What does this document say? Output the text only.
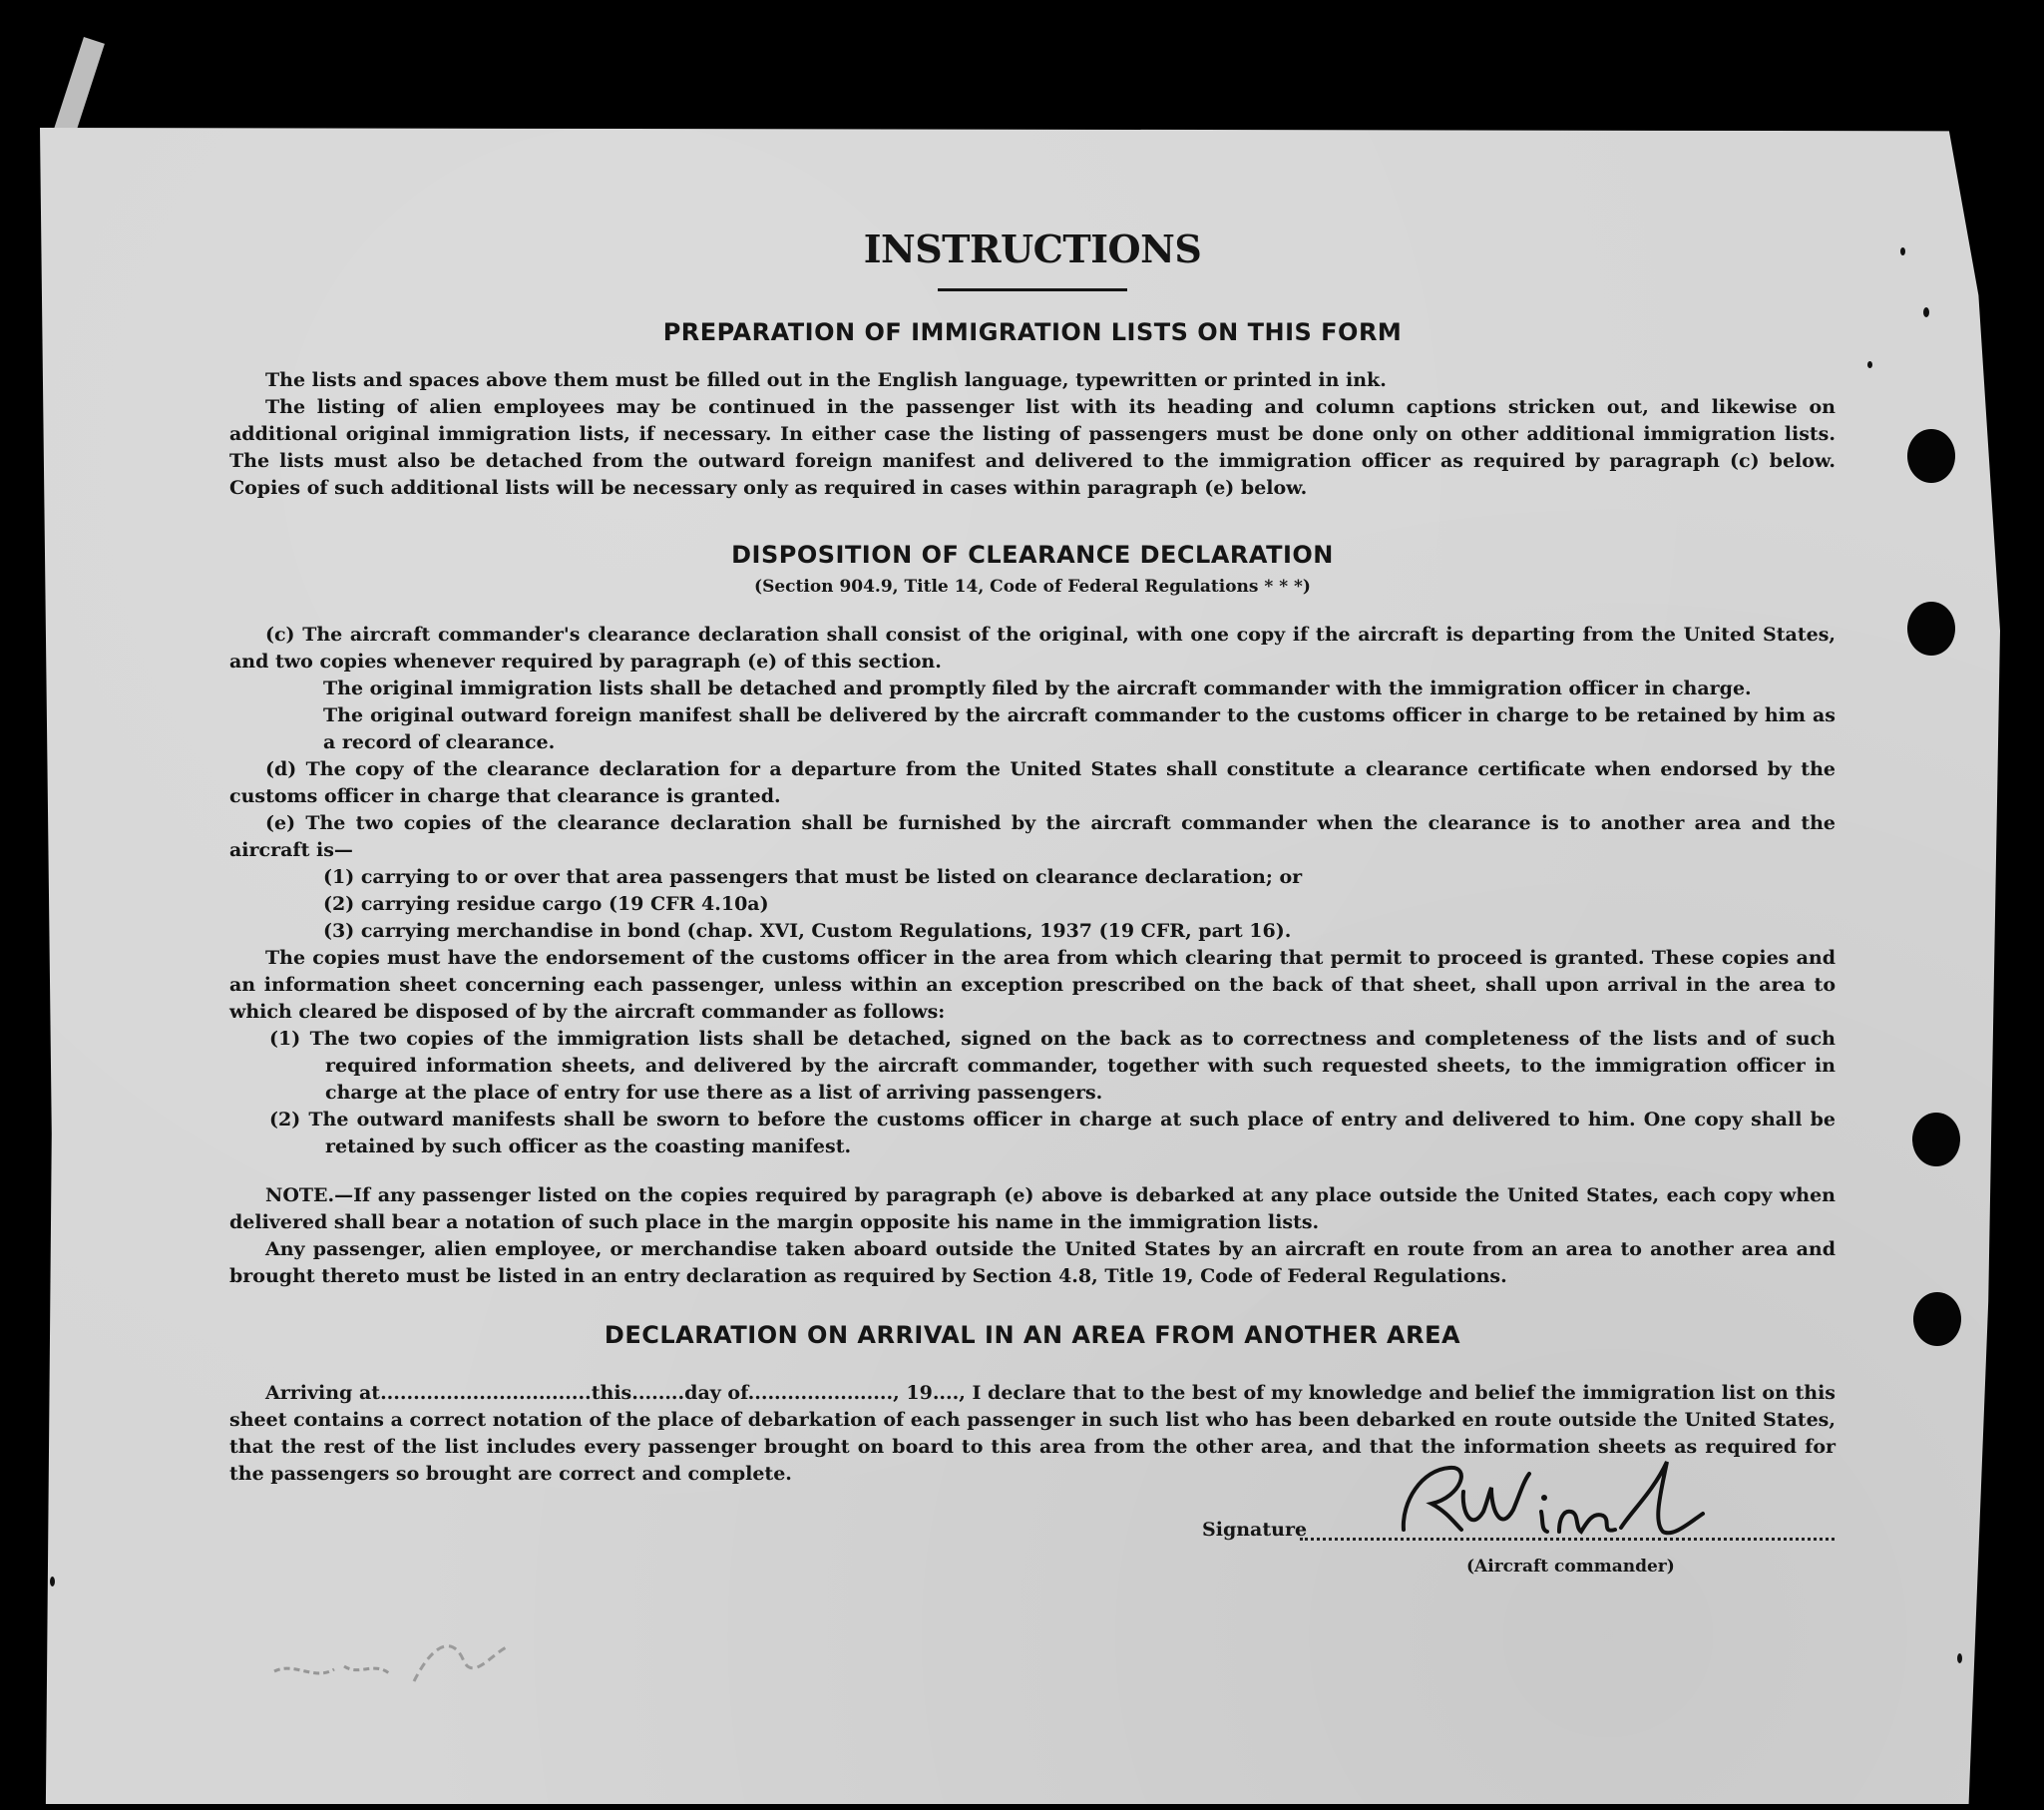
INSTRUCTIONS
PREPARATION OF IMMIGRATION LISTS ON THIS FORM

The lists and spaces above them must be filled out in the English language, typewritten or printed in ink.

The listing of alien employees may be continued in the passenger list with its heading and column captions stricken out, and likewise on additional original immigration lists, if necessary. In either case the listing of passengers must be done only on other additional immigration lists. The lists must also be detached from the outward foreign manifest and delivered to the immigration officer as required by paragraph (c) below. Copies of such additional lists will be necessary only as required in cases within paragraph (e) below.

DISPOSITION OF CLEARANCE DECLARATION
(Section 904.9, Title 14, Code of Federal Regulations * * *)

(c) The aircraft commander's clearance declaration shall consist of the original, with one copy if the aircraft is departing from the United States, and two copies whenever required by paragraph (e) of this section.

The original immigration lists shall be detached and promptly filed by the aircraft commander with the immigration officer in charge.

The original outward foreign manifest shall be delivered by the aircraft commander to the customs officer in charge to be retained by him as a record of clearance.

(d) The copy of the clearance declaration for a departure from the United States shall constitute a clearance certificate when endorsed by the customs officer in charge that clearance is granted.

(e) The two copies of the clearance declaration shall be furnished by the aircraft commander when the clearance is to another area and the aircraft is—

(1) carrying to or over that area passengers that must be listed on clearance declaration; or

(2) carrying residue cargo (19 CFR 4.10a)

(3) carrying merchandise in bond (chap. XVI, Custom Regulations, 1937 (19 CFR, part 16).

The copies must have the endorsement of the customs officer in the area from which clearing that permit to proceed is granted. These copies and an information sheet concerning each passenger, unless within an exception prescribed on the back of that sheet, shall upon arrival in the area to which cleared be disposed of by the aircraft commander as follows:

(1) The two copies of the immigration lists shall be detached, signed on the back as to correctness and completeness of the lists and of such required information sheets, and delivered by the aircraft commander, together with such requested sheets, to the immigration officer in charge at the place of entry for use there as a list of arriving passengers.

(2) The outward manifests shall be sworn to before the customs officer in charge at such place of entry and delivered to him. One copy shall be retained by such officer as the coasting manifest.

NOTE.—If any passenger listed on the copies required by paragraph (e) above is debarked at any place outside the United States, each copy when delivered shall bear a notation of such place in the margin opposite his name in the immigration lists.

Any passenger, alien employee, or merchandise taken aboard outside the United States by an aircraft en route from an area to another area and brought thereto must be listed in an entry declaration as required by Section 4.8, Title 19, Code of Federal Regulations.

DECLARATION ON ARRIVAL IN AN AREA FROM ANOTHER AREA

Arriving at................................this........day of......................, 19...., I declare that to the best of my knowledge and belief the immigration list on this sheet contains a correct notation of the place of debarkation of each passenger in such list who has been debarked en route outside the United States, that the rest of the list includes every passenger brought on board to this area from the other area, and that the information sheets as required for the passengers so brought are correct and complete.

Signature
(Aircraft commander)
